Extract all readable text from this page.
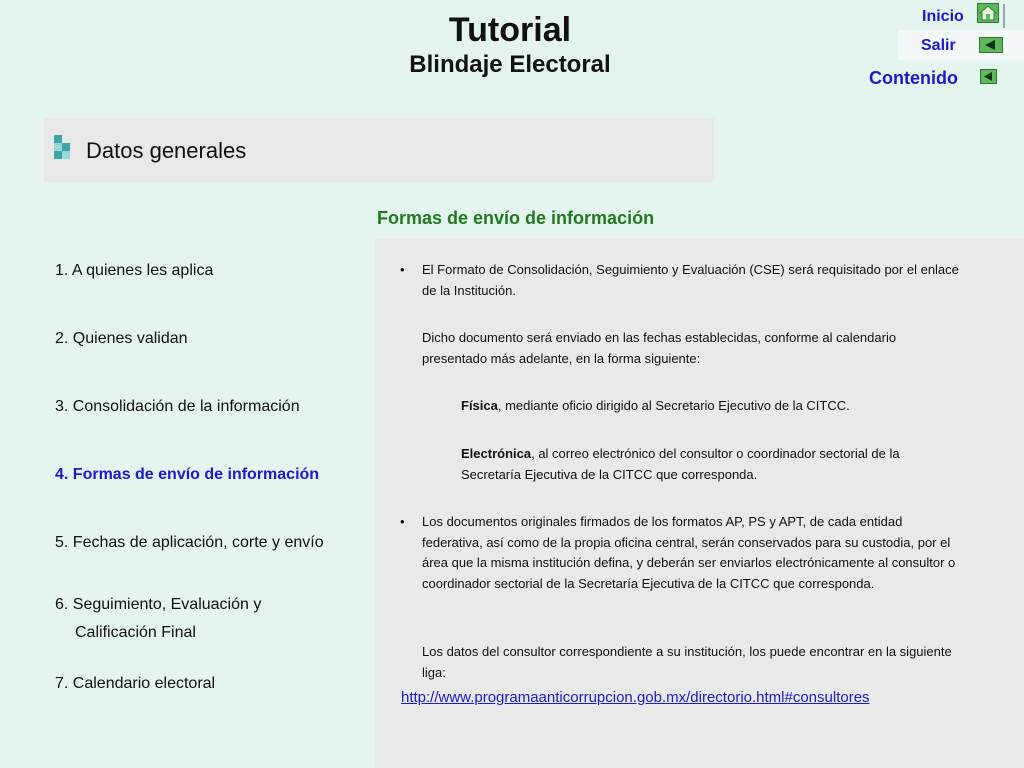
Tutorial
Blindaje Electoral
Inicio
Salir
Contenido
Datos generales
Formas de envío de información
1. A quienes les aplica
2. Quienes validan
3. Consolidación de la información
4. Formas de envío de información
5. Fechas de aplicación, corte y envío
6. Seguimiento, Evaluación y
Calificación Final
7. Calendario electoral
•	El Formato de Consolidación, Seguimiento y Evaluación (CSE) será requisitado por el enlace de la Institución.
Dicho documento será enviado en las fechas establecidas, conforme al calendario presentado más adelante, en la forma siguiente:
Física, mediante oficio dirigido al Secretario Ejecutivo de la CITCC.
Electrónica, al correo electrónico del consultor o coordinador sectorial de la Secretaría Ejecutiva de la CITCC que corresponda.
•	Los documentos originales firmados de los formatos AP, PS y APT, de cada entidad federativa, así como de la propia oficina central, serán conservados para su custodia, por el área que la misma institución defina, y deberán ser enviarlos electrónicamente al consultor o coordinador sectorial de la Secretaría Ejecutiva de la CITCC que corresponda.
Los datos del consultor correspondiente a su institución, los puede encontrar en la siguiente liga:
http://www.programaanticorrupcion.gob.mx/directorio.html#consultores
